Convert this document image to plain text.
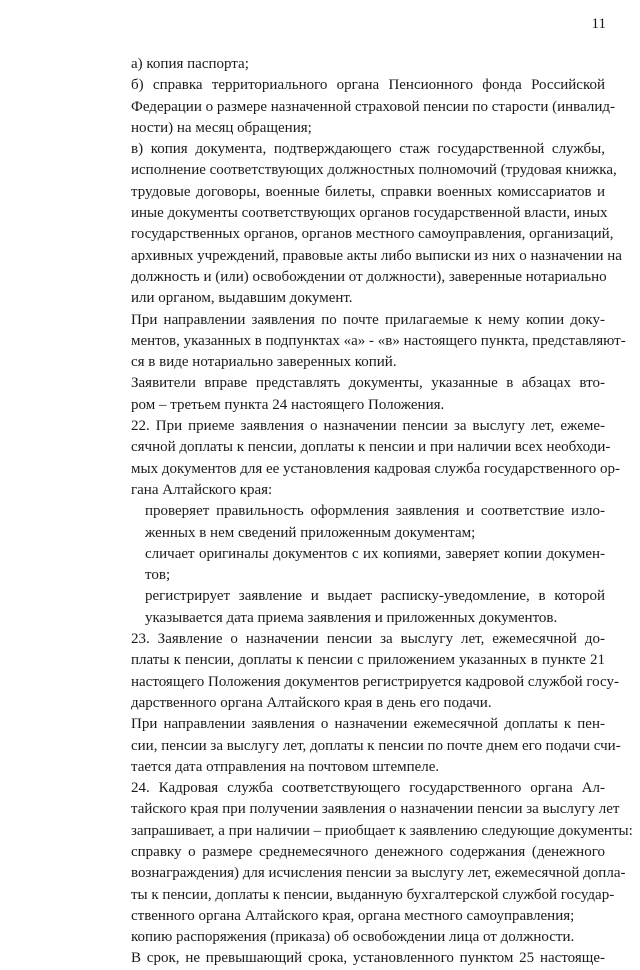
11

а) копия паспорта;

б) справка территориального органа Пенсионного фонда Российской
Федерации о размере назначенной страховой пенсии по старости (инвалид-
ности) на месяц обращения;

в) копия документа, подтверждающего стаж государственной службы,
исполнение соответствующих должностных полномочий (трудовая книжка,
трудовые договоры, военные билеты, справки военных комиссариатов и
иные документы соответствующих органов государственной власти, иных
государственных органов, органов местного самоуправления, организаций,
архивных учреждений, правовые акты либо выписки из них о назначении на
должность и (или) освобождении от должности), заверенные нотариально
или органом, выдавшим документ.

При направлении заявления по почте прилагаемые к нему копии доку-
ментов, указанных в подпунктах «а» - «в» настоящего пункта, представляют-
ся в виде нотариально заверенных копий.

Заявители вправе представлять документы, указанные в абзацах вто-
ром – третьем пункта 24 настоящего Положения.

22. При приеме заявления о назначении пенсии за выслугу лет, ежеме-
сячной доплаты к пенсии, доплаты к пенсии и при наличии всех необходи-
мых документов для ее установления кадровая служба государственного ор-
гана Алтайского края:

проверяет правильность оформления заявления и соответствие изло-
женных в нем сведений приложенным документам;

сличает оригиналы документов с их копиями, заверяет копии докумен-
тов;

регистрирует заявление и выдает расписку-уведомление, в которой
указывается дата приема заявления и приложенных документов.

23. Заявление о назначении пенсии за выслугу лет, ежемесячной до-
платы к пенсии, доплаты к пенсии с приложением указанных в пункте 21
настоящего Положения документов регистрируется кадровой службой госу-
дарственного органа Алтайского края в день его подачи.

При направлении заявления о назначении ежемесячной доплаты к пен-
сии, пенсии за выслугу лет, доплаты к пенсии по почте днем его подачи счи-
тается дата отправления на почтовом штемпеле.

24. Кадровая служба соответствующего государственного органа Ал-
тайского края при получении заявления о назначении пенсии за выслугу лет
запрашивает, а при наличии – приобщает к заявлению следующие документы:

справку о размере среднемесячного денежного содержания (денежного
вознаграждения) для исчисления пенсии за выслугу лет, ежемесячной допла-
ты к пенсии, доплаты к пенсии, выданную бухгалтерской службой государ-
ственного органа Алтайского края, органа местного самоуправления;

копию распоряжения (приказа) об освобождении лица от должности.

В срок, не превышающий срока, установленного пунктом 25 настояще-
